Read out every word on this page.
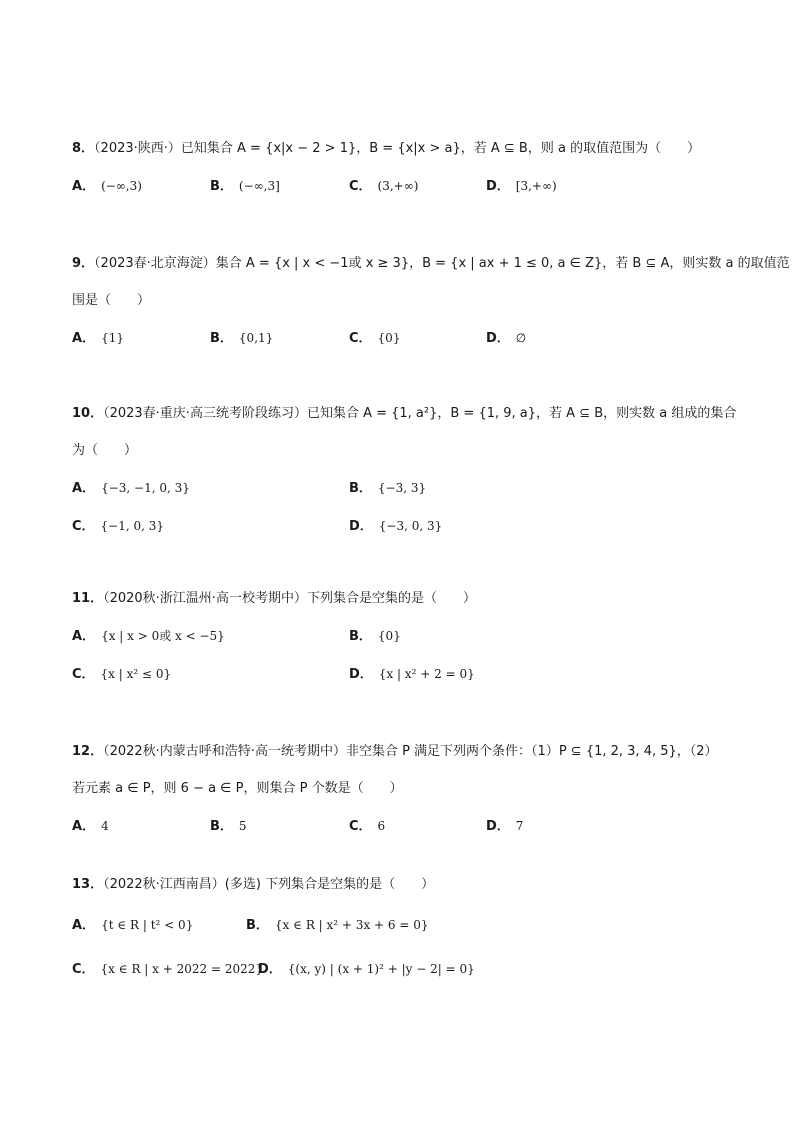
8．（2023·陕西·）已知集合 A = {x|x − 2 > 1}，B = {x|x > a}，若 A ⊆ B，则 a 的取值范围为（　　）
A． (−∞,3)	B． (−∞,3]	C． (3,+∞)	D． [3,+∞)
9．（2023春·北京海淀）集合 A = {x | x < −1或 x ≥ 3}，B = {x | ax + 1 ≤ 0, a ∈ Z}，若 B ⊆ A，则实数 a 的取值范
围是（　　）
A． {1}	B． {0,1}	C． {0}	D． ∅
10．（2023春·重庆·高三统考阶段练习）已知集合 A = {1, a²}，B = {1, 9, a}，若 A ⊆ B，则实数 a 组成的集合
为（　　）
A． {−3, −1, 0, 3}	B． {−3, 3}
C． {−1, 0, 3}	D． {−3, 0, 3}
11．（2020秋·浙江温州·高一校考期中）下列集合是空集的是（　　）
A． {x | x > 0或 x < −5}	B． {0}
C． {x | x² ≤ 0}	D． {x | x² + 2 = 0}
12．（2022秋·内蒙古呼和浩特·高一统考期中）非空集合 P 满足下列两个条件：（1）P ⊆ {1, 2, 3, 4, 5}，（2）
若元素 a ∈ P，则 6 − a ∈ P，则集合 P 个数是（　　）
A． 4	B． 5	C． 6	D． 7
13．（2022秋·江西南昌）(多选) 下列集合是空集的是（　　）
A． {t ∈ R | t² < 0}	B． {x ∈ R | x² + 3x + 6 = 0}
C． {x ∈ R | x + 2022 = 2022}
D． {(x, y) | (x + 1)² + |y − 2| = 0}
